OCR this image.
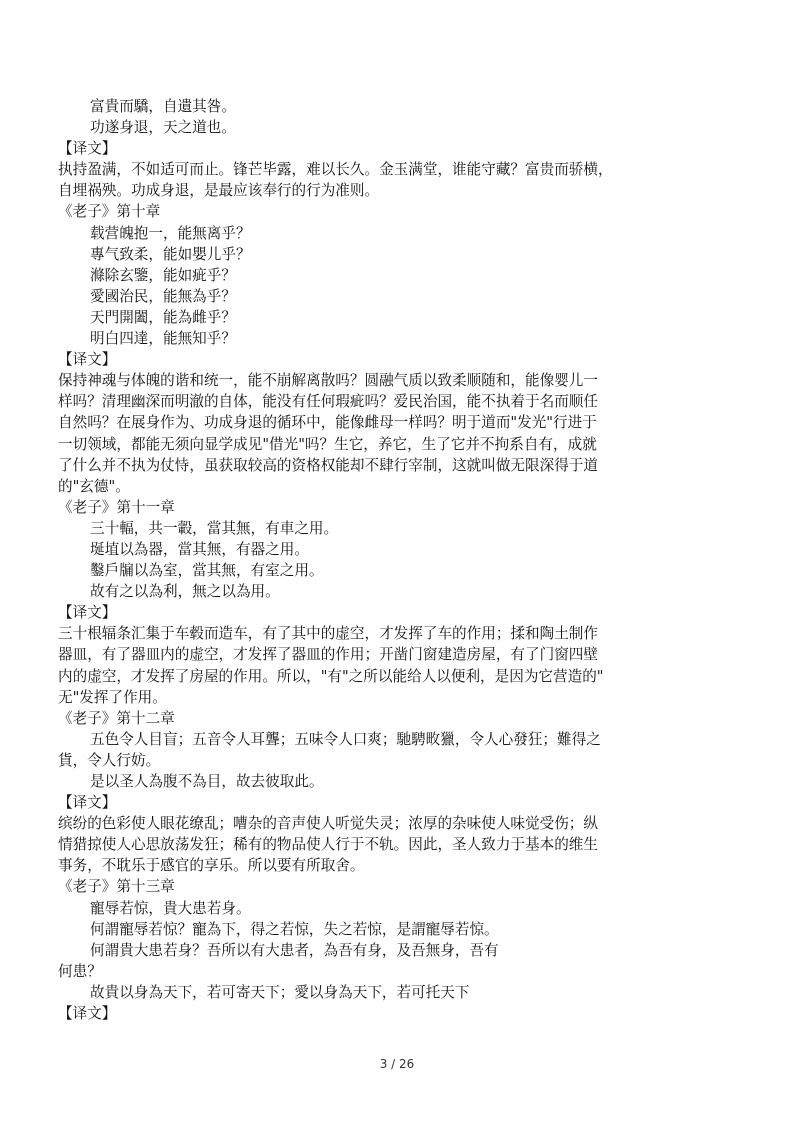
富貴而驕，自遺其咎。
功遂身退，天之道也。
【译文】
执持盈满，不如适可而止。锋芒毕露，难以长久。金玉满堂，谁能守藏？富贵而骄横，
自埋祸殃。功成身退，是最应该奉行的行为准则。
《老子》第十章
载营魄抱一，能無离乎？
專气致柔，能如嬰儿乎？
滌除玄鑒，能如疵乎？
愛國治民，能無為乎？
天門開闔，能為雌乎？
明白四達，能無知乎？
【译文】
保持神魂与体魄的谐和统一，能不崩解离散吗？圆融气质以致柔顺随和，能像婴儿一
样吗？清理幽深而明澈的自体，能没有任何瑕疵吗？爱民治国，能不执着于名而顺任
自然吗？在展身作为、功成身退的循环中，能像雌母一样吗？明于道而"发光"行进于
一切领域，都能无须向显学成见"借光"吗？生它，养它，生了它并不拘系自有，成就
了什么并不执为仗恃，虽获取较高的资格权能却不肆行宰制，这就叫做无限深得于道
的"玄德"。
《老子》第十一章
三十輻，共一轂，當其無，有車之用。
埏埴以為器，當其無，有器之用。
鑿戶牖以為室，當其無，有室之用。
故有之以為利，無之以為用。
【译文】
三十根辐条汇集于车毂而造车，有了其中的虚空，才发挥了车的作用；揉和陶土制作
器皿，有了器皿内的虚空，才发挥了器皿的作用；开凿门窗建造房屋，有了门窗四壁
内的虚空，才发挥了房屋的作用。所以，"有"之所以能给人以便利，是因为它营造的"
无"发挥了作用。
《老子》第十二章
五色令人目盲；五音令人耳聾；五味令人口爽；馳騁畋獵，令人心發狂；難得之
貨，令人行妨。
是以圣人為腹不為目，故去彼取此。
【译文】
缤纷的色彩使人眼花缭乱；嘈杂的音声使人听觉失灵；浓厚的杂味使人味觉受伤；纵
情猎掠使人心思放荡发狂；稀有的物品使人行于不轨。因此，圣人致力于基本的维生
事务，不耽乐于感官的享乐。所以要有所取舍。
《老子》第十三章
寵辱若惊，貴大患若身。
何謂寵辱若惊？寵為下，得之若惊，失之若惊，是謂寵辱若惊。
何謂貴大患若身？吾所以有大患者，為吾有身，及吾無身，吾有
何患？
故貴以身為天下，若可寄天下；愛以身為天下，若可托天下
【译文】
3 / 26
